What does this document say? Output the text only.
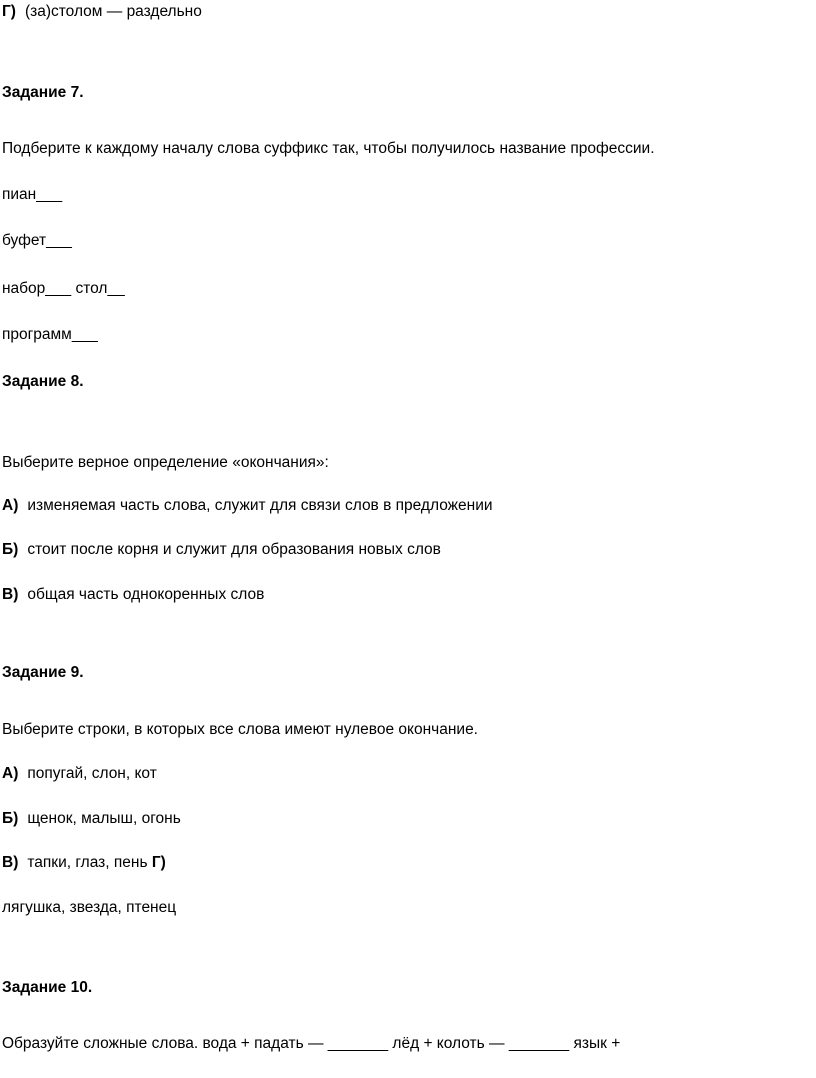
Г) (за)столом — раздельно
Задание 7.
Подберите к каждому началу слова суффикс так, чтобы получилось название профессии.
пиан___
буфет___
набор___ стол__
программ___
Задание 8.
Выберите верное определение «окончания»:
А) изменяемая часть слова, служит для связи слов в предложении
Б) стоит после корня и служит для образования новых слов
В) общая часть однокоренных слов
Задание 9.
Выберите строки, в которых все слова имеют нулевое окончание.
А) попугай, слон, кот
Б) щенок, малыш, огонь
В) тапки, глаз, пень Г)
лягушка, звезда, птенец
Задание 10.
Образуйте сложные слова. вода + падать — _______ лёд + колоть — _______ язык +
